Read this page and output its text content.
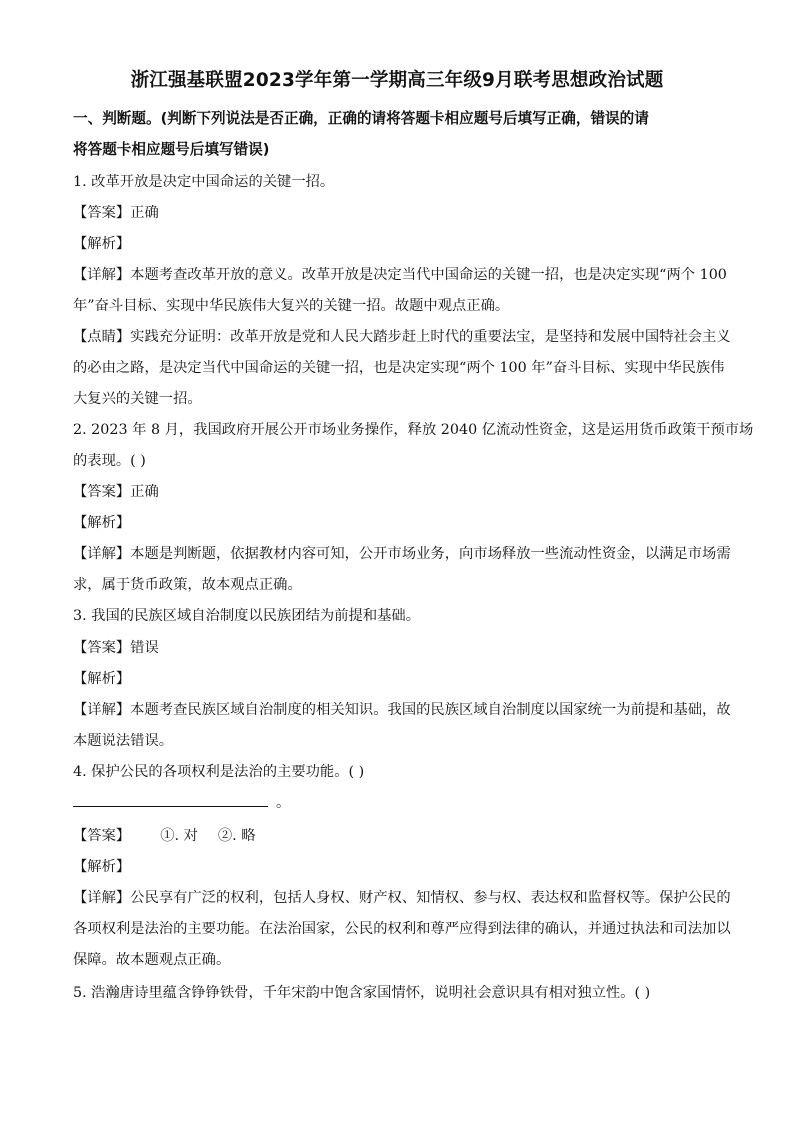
浙江强基联盟2023学年第一学期高三年级9月联考思想政治试题
一、判断题。(判断下列说法是否正确，正确的请将答题卡相应题号后填写正确，错误的请
将答题卡相应题号后填写错误)
1. 改革开放是决定中国命运的关键一招。
【答案】正确
【解析】
【详解】本题考查改革开放的意义。改革开放是决定当代中国命运的关键一招，也是决定实现“两个 100
年”奋斗目标、实现中华民族伟大复兴的关键一招。故题中观点正确。
【点睛】实践充分证明：改革开放是党和人民大踏步赶上时代的重要法宝，是坚持和发展中国特社会主义
的必由之路，是决定当代中国命运的关键一招，也是决定实现“两个 100 年”奋斗目标、实现中华民族伟
大复兴的关键一招。
2. 2023 年 8 月，我国政府开展公开市场业务操作，释放 2040 亿流动性资金，这是运用货币政策干预市场
的表现。( )
【答案】正确
【解析】
【详解】本题是判断题，依据教材内容可知，公开市场业务，向市场释放一些流动性资金，以满足市场需
求，属于货币政策，故本观点正确。
3. 我国的民族区域自治制度以民族团结为前提和基础。
【答案】错误
【解析】
【详解】本题考查民族区域自治制度的相关知识。我国的民族区域自治制度以国家统一为前提和基础，故
本题说法错误。
4. 保护公民的各项权利是法治的主要功能。( )
。
【答案】 ①. 对 ②. 略
【解析】
【详解】公民享有广泛的权利，包括人身权、财产权、知情权、参与权、表达权和监督权等。保护公民的
各项权利是法治的主要功能。在法治国家，公民的权利和尊严应得到法律的确认，并通过执法和司法加以
保障。故本题观点正确。
5. 浩瀚唐诗里蕴含铮铮铁骨，千年宋韵中饱含家国情怀，说明社会意识具有相对独立性。( )
